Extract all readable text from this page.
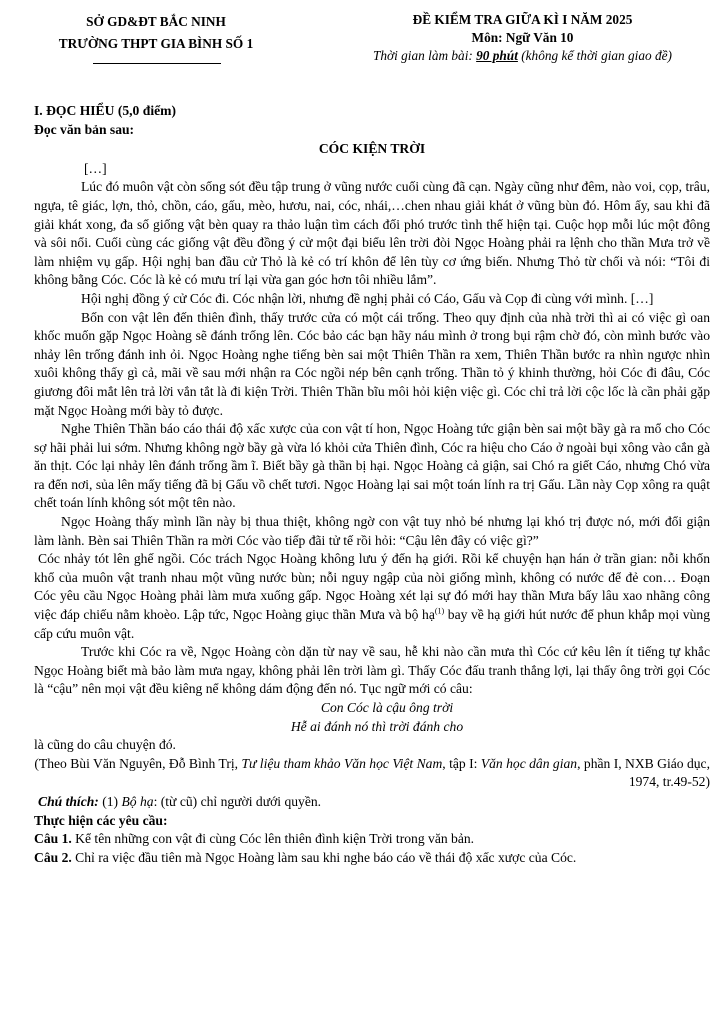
SỞ GD&ĐT BẮC NINH
TRƯỜNG THPT GIA BÌNH SỐ 1
ĐỀ KIỂM TRA GIỮA KÌ I NĂM 2025
Môn: Ngữ Văn 10
Thời gian làm bài: 90 phút (không kể thời gian giao đề)

I. ĐỌC HIỂU (5,0 điểm)

Đọc văn bản sau:

CÓC KIỆN TRỜI

[…]

Lúc đó muôn vật còn sống sót đều tập trung ở vũng nước cuối cùng đã cạn. Ngày cũng như đêm, nào voi, cọp, trâu, ngựa, tê giác, lợn, thỏ, chồn, cáo, gấu, mèo, hươu, nai, cóc, nhái,…chen nhau giải khát ở vũng bùn đó. Hôm ấy, sau khi đã giải khát xong, đa số giống vật bèn quay ra thảo luận tìm cách đối phó trước tình thế hiện tại. Cuộc họp mỗi lúc một đông và sôi nổi. Cuối cùng các giống vật đều đồng ý cử một đại biểu lên trời đòi Ngọc Hoàng phải ra lệnh cho thần Mưa trở về làm nhiệm vụ gấp. Hội nghị ban đầu cử Thỏ là kẻ có trí khôn để lên tùy cơ ứng biến. Nhưng Thỏ từ chối và nói: “Tôi đi không bằng Cóc. Cóc là kẻ có mưu trí lại vừa gan góc hơn tôi nhiều lắm”.

Hội nghị đồng ý cử Cóc đi. Cóc nhận lời, nhưng đề nghị phải có Cáo, Gấu và Cọp đi cùng với mình. […]

Bốn con vật lên đến thiên đình, thấy trước cửa có một cái trống. Theo quy định của nhà trời thì ai có việc gì oan khốc muốn gặp Ngọc Hoàng sẽ đánh trống lên. Cóc bảo các bạn hãy náu mình ở trong bụi rậm chờ đó, còn mình bước vào nhảy lên trống đánh inh ỏi. Ngọc Hoàng nghe tiếng bèn sai một Thiên Thần ra xem, Thiên Thần bước ra nhìn ngược nhìn xuôi không thấy gì cả, mãi về sau mới nhận ra Cóc ngồi nép bên cạnh trống. Thần tỏ ý khinh thường, hỏi Cóc đi đâu, Cóc giương đôi mắt lên trả lời vắn tắt là đi kiện Trời. Thiên Thần bĩu môi hỏi kiện việc gì. Cóc chỉ trả lời cộc lốc là cần phải gặp mặt Ngọc Hoàng mới bày tỏ được.

Nghe Thiên Thần báo cáo thái độ xấc xược của con vật tí hon, Ngọc Hoàng tức giận bèn sai một bầy gà ra mổ cho Cóc sợ hãi phải lui sớm. Nhưng không ngờ bầy gà vừa ló khỏi cửa Thiên đình, Cóc ra hiệu cho Cáo ở ngoài bụi xông vào cắn gà ăn thịt. Cóc lại nhảy lên đánh trống ầm ĩ. Biết bầy gà thần bị hại. Ngọc Hoàng cả giận, sai Chó ra giết Cáo, nhưng Chó vừa ra đến nơi, sủa lên mấy tiếng đã bị Gấu vồ chết tươi. Ngọc Hoàng lại sai một toán lính ra trị Gấu. Lần này Cọp xông ra quật chết toán lính không sót một tên nào.

Ngọc Hoàng thấy mình lần này bị thua thiệt, không ngờ con vật tuy nhỏ bé nhưng lại khó trị được nó, mới đổi giận làm lành. Bèn sai Thiên Thần ra mời Cóc vào tiếp đãi tử tế rồi hỏi: “Cậu lên đây có việc gì?”

Cóc nhảy tót lên ghế ngồi. Cóc trách Ngọc Hoàng không lưu ý đến hạ giới. Rồi kể chuyện hạn hán ở trần gian: nỗi khốn khổ của muôn vật tranh nhau một vũng nước bùn; nỗi nguy ngập của nòi giống mình, không có nước để đẻ con… Đoạn Cóc yêu cầu Ngọc Hoàng phải làm mưa xuống gấp. Ngọc Hoàng xét lại sự đó mới hay thần Mưa bấy lâu xao nhãng công việc đáp chiếu nằm khoèo. Lập tức, Ngọc Hoàng giục thần Mưa và bộ hạ$^{(1)}$ bay về hạ giới hút nước để phun khắp mọi vùng cấp cứu muôn vật.

Trước khi Cóc ra về, Ngọc Hoàng còn dặn từ nay về sau, hễ khi nào cần mưa thì Cóc cứ kêu lên ít tiếng tự khắc Ngọc Hoàng biết mà bảo làm mưa ngay, không phải lên trời làm gì. Thấy Cóc đấu tranh thắng lợi, lại thấy ông trời gọi Cóc là “cậu” nên mọi vật đều kiêng nể không dám động đến nó. Tục ngữ mới có câu:

Con Cóc là cậu ông trời

Hễ ai đánh nó thì trời đánh cho

là cũng do câu chuyện đó.

(Theo Bùi Văn Nguyên, Đỗ Bình Trị, Tư liệu tham khảo Văn học Việt Nam, tập I: Văn học dân gian, phần I, NXB Giáo dục, 1974, tr.49-52)

Chú thích: (1) Bộ hạ: (từ cũ) chỉ người dưới quyền.

Thực hiện các yêu cầu:

Câu 1. Kể tên những con vật đi cùng Cóc lên thiên đình kiện Trời trong văn bản.

Câu 2. Chỉ ra việc đầu tiên mà Ngọc Hoàng làm sau khi nghe báo cáo về thái độ xấc xược của Cóc.
